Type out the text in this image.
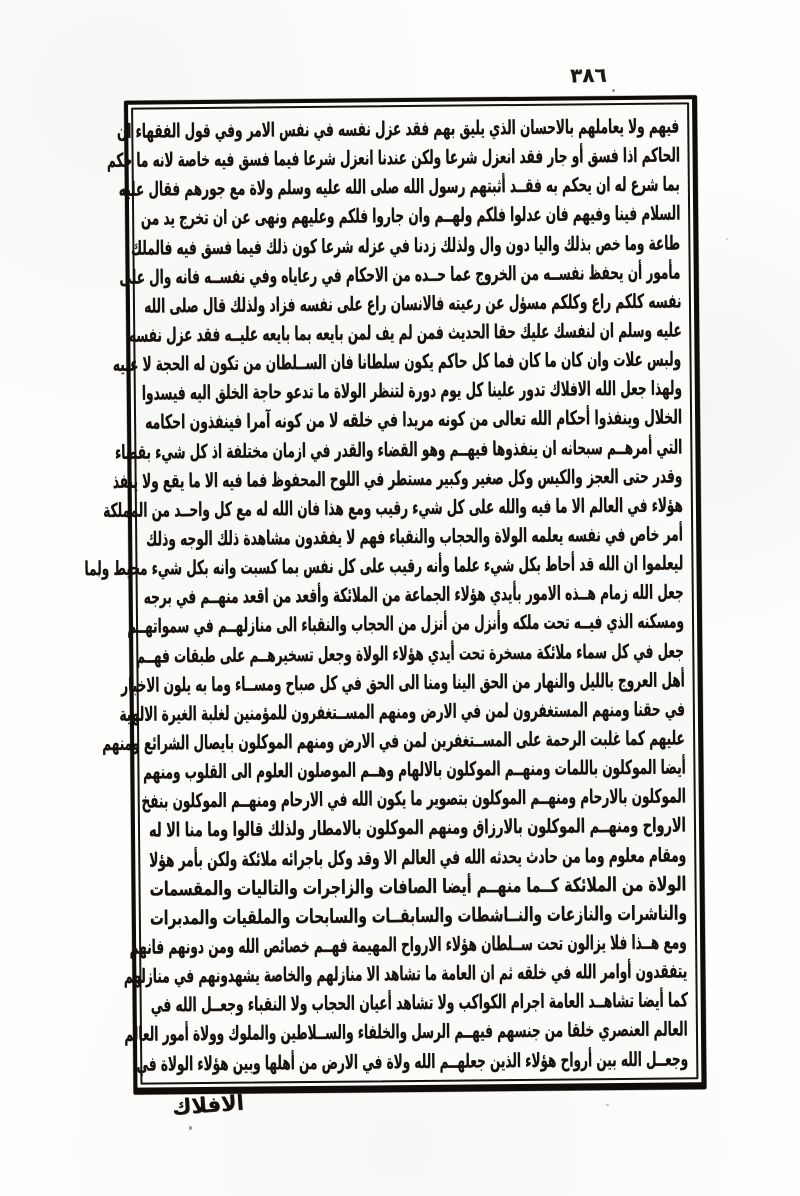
٣٨٦
فيهم ولا يعاملهم بالاحسان الذي يليق بهم فقد عزل نفسه في نفس الامر وفي قول الفقهاء ان
الحاكم اذا فسق أو جار فقد انعزل شرعا ولكن عندنا انعزل شرعا فيما فسق فيه خاصة لانه ما حكم
بما شرع له ان يحكم به فقــد أثبتهم رسول الله صلى الله عليه وسلم ولاة مع جورهم فقال عليه
السلام فينا وفيهم فان عدلوا فلكم ولهــم وان جاروا فلكم وعليهم ونهى عن ان تخرج يد من
طاعة وما خص بذلك واليا دون وال ولذلك زدنا في عزله شرعا كون ذلك فيما فسق فيه فالملك
مأمور أن يحفظ نفســه من الخروج عما حــده من الاحكام في رعاياه وفي نفســه فانه وال على
نفسه كلكم راع وكلكم مسؤل عن رعيته فالانسان راع على نفسه فزاد ولذلك قال صلى الله
عليه وسلم ان لنفسك عليك حقا الحديث فمن لم يف لمن بايعه بما بايعه عليــه فقد عزل نفسه
ولبس علات وان كان ما كان فما كل حاكم يكون سلطانا فان الســلطان من تكون له الحجة لا عليه
ولهذا جعل الله الافلاك تدور علينا كل يوم دورة لتنظر الولاة ما تدعو حاجة الخلق اليه فيسدوا
الخلال وينفذوا أحكام الله تعالى من كونه مريدا في خلقه لا من كونه آمرا فينفذون احكامه
التي أمرهــم سبحانه ان ينفذوها فيهــم وهو القضاء والقدر في ازمان مختلفة اذ كل شيء بقضاء
وقدر حتى العجز والكيس وكل صغير وكبير مستطر في اللوح المحفوظ فما فيه الا ما يقع ولا ينفذ
هؤلاء في العالم الا ما فيه والله على كل شيء رقيب ومع هذا فان الله له مع كل واحــد من المملكة
أمر خاص في نفسه يعلمه الولاة والحجاب والنقباء فهم لا يفقدون مشاهدة ذلك الوجه وذلك
ليعلموا ان الله قد أحاط بكل شيء علما وأنه رقيب على كل نفس بما كسبت وانه بكل شيء محيط ولما
جعل الله زمام هــذه الامور بأيدي هؤلاء الجماعة من الملائكة وأقعد من اقعد منهــم في برجه
ومسكنه الذي فيــه تحت ملكه وأنزل من أنزل من الحجاب والنقباء الى منازلهــم في سمواتهــم
جعل في كل سماء ملائكة مسخرة تحت أيدي هؤلاء الولاة وجعل تسخيرهــم على طبقات فهــم
أهل العروج بالليل والنهار من الحق الينا ومنا الى الحق في كل صباح ومســاء وما به يلون الاخبار
في حقنا ومنهم المستغفرون لمن في الارض ومنهم المســتغفرون للمؤمنين لغلبة الغيرة الالهية
عليهم كما غلبت الرحمة على المســتغفرين لمن في الارض ومنهم الموكلون بايصال الشرائع ومنهم
أيضا الموكلون باللمات ومنهــم الموكلون بالالهام وهــم الموصلون العلوم الى القلوب ومنهم
الموكلون بالارحام ومنهــم الموكلون بتصوير ما يكون الله في الارحام ومنهــم الموكلون بنفخ
الارواح ومنهــم الموكلون بالارزاق ومنهم الموكلون بالامطار ولذلك قالوا وما منا الا له
ومقام معلوم وما من حادث يحدثه الله في العالم الا وقد وكل باجرائه ملائكة ولكن بأمر هؤلا
الولاة من الملائكة كــما منهــم أيضا الصافات والزاجرات والتاليات والمقسمات
والناشرات والنازعات والنــاشطات والسابقــات والسابحات والملقيات والمدبرات
ومع هــذا فلا يزالون تحت ســلطان هؤلاء الارواح المهيمة فهــم خصائص الله ومن دونهم فانهم
يتفقدون أوامر الله في خلقه ثم ان العامة ما تشاهد الا منازلهم والخاصة يشهدونهم في منازلهم
كما أيضا تشاهــد العامة اجرام الكواكب ولا تشاهد أعيان الحجاب ولا النقباء وجعــل الله في
العالم العنصري خلقا من جنسهم فيهــم الرسل والخلفاء والســلاطين والملوك وولاة أمور العالم
وجعــل الله بين أرواح هؤلاء الذين جعلهــم الله ولاة في الارض من أهلها وبين هؤلاء الولاة في
الافلاك
